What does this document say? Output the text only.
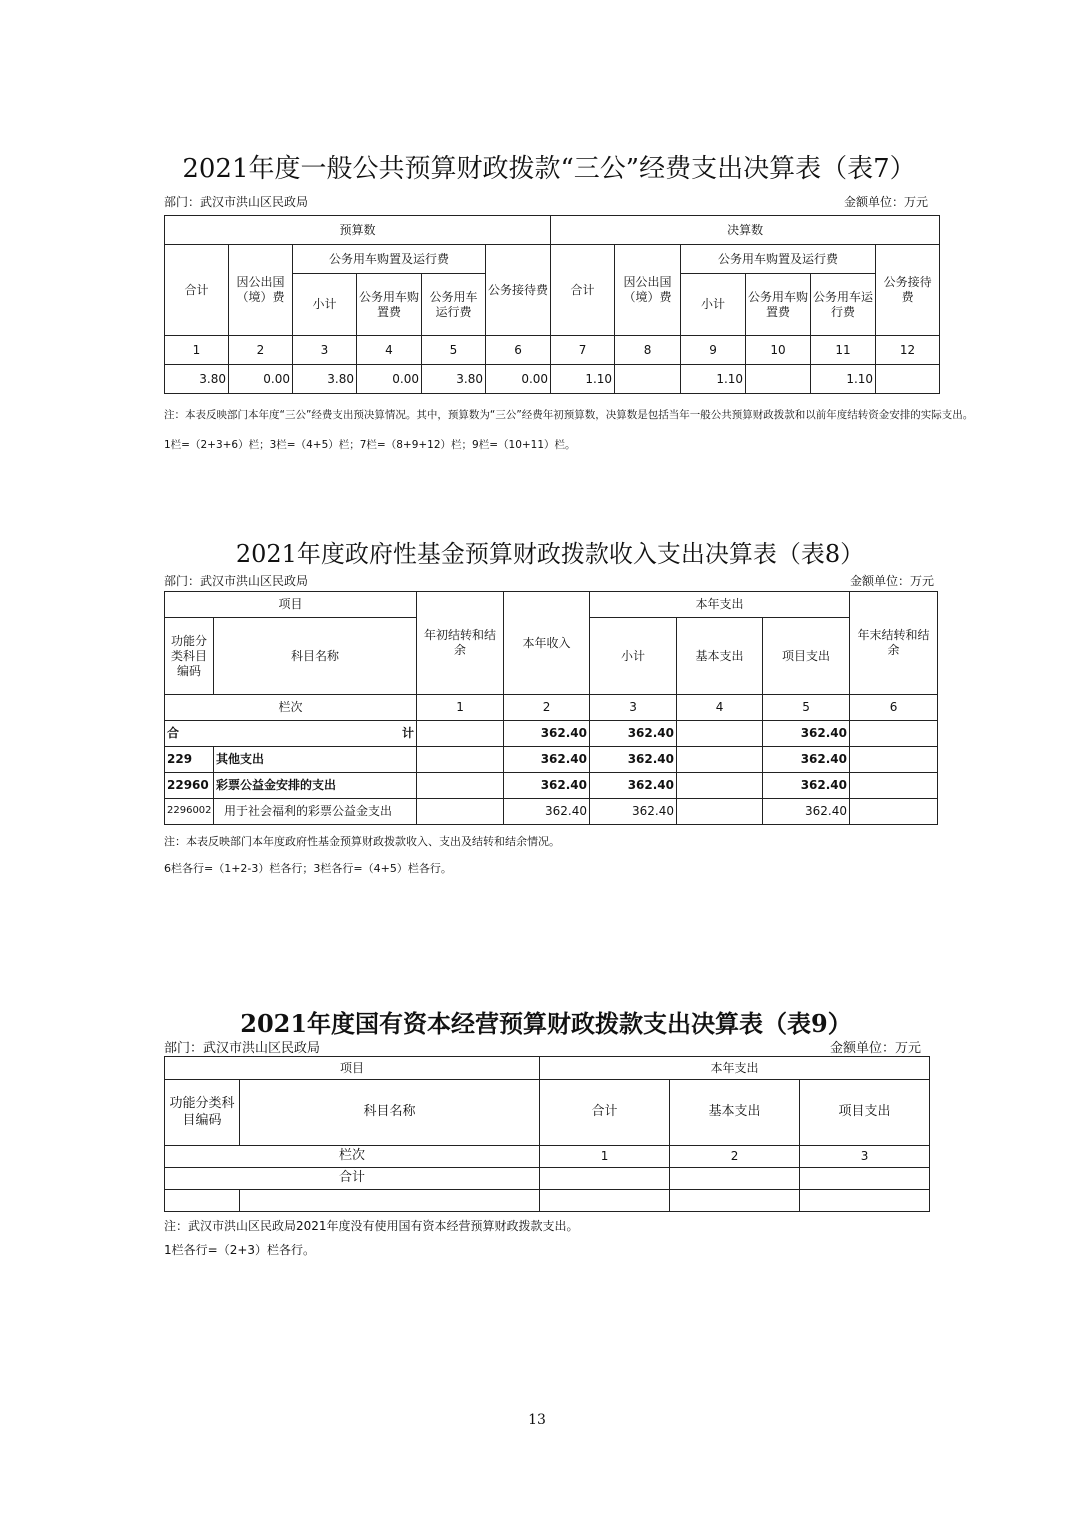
2021年度一般公共预算财政拨款“三公”经费支出决算表（表7）
部门：武汉市洪山区民政局	金额单位：万元
预算数						决算数					
合计	因公出国（境）费	公务用车购置及运行费			公务接待费	合计	因公出国（境）费	公务用车购置及运行费			公务接待费
		小计	公务用车购置费	公务用车运行费				小计	公务用车购置费	公务用车运行费	
1	2	3	4	5	6	7	8	9	10	11	12
3.80	0.00	3.80	0.00	3.80	0.00	1.10		1.10		1.10	
注：本表反映部门本年度“三公”经费支出预决算情况。其中，预算数为“三公”经费年初预算数，决算数是包括当年一般公共预算财政拨款和以前年度结转资金安排的实际支出。
1栏=（2+3+6）栏；3栏=（4+5）栏；7栏=（8+9+12）栏；9栏=（10+11）栏。
2021年度政府性基金预算财政拨款收入支出决算表（表8）
部门：武汉市洪山区民政局	金额单位：万元
项目		年初结转和结余	本年收入	本年支出			年末结转和结余
功能分类科目编码	科目名称			小计	基本支出	项目支出	
栏次		1	2	3	4	5	6

合 计			362.40	362.40		362.40	
229	其他支出		362.40	362.40		362.40	
22960	彩票公益金安排的支出		362.40	362.40		362.40	
2296002	用于社会福利的彩票公益金支出		362.40	362.40		362.40	
注：本表反映部门本年度政府性基金预算财政拨款收入、支出及结转和结余情况。
6栏各行=（1+2-3）栏各行；3栏各行=（4+5）栏各行。
2021年度国有资本经营预算财政拨款支出决算表（表9）
部门：武汉市洪山区民政局	金额单位：万元
项目		本年支出		
功能分类科目编码	科目名称	合计	基本支出	项目支出
栏次		1	2	3
合计				

注：武汉市洪山区民政局2021年度没有使用国有资本经营预算财政拨款支出。
1栏各行=（2+3）栏各行。
13
